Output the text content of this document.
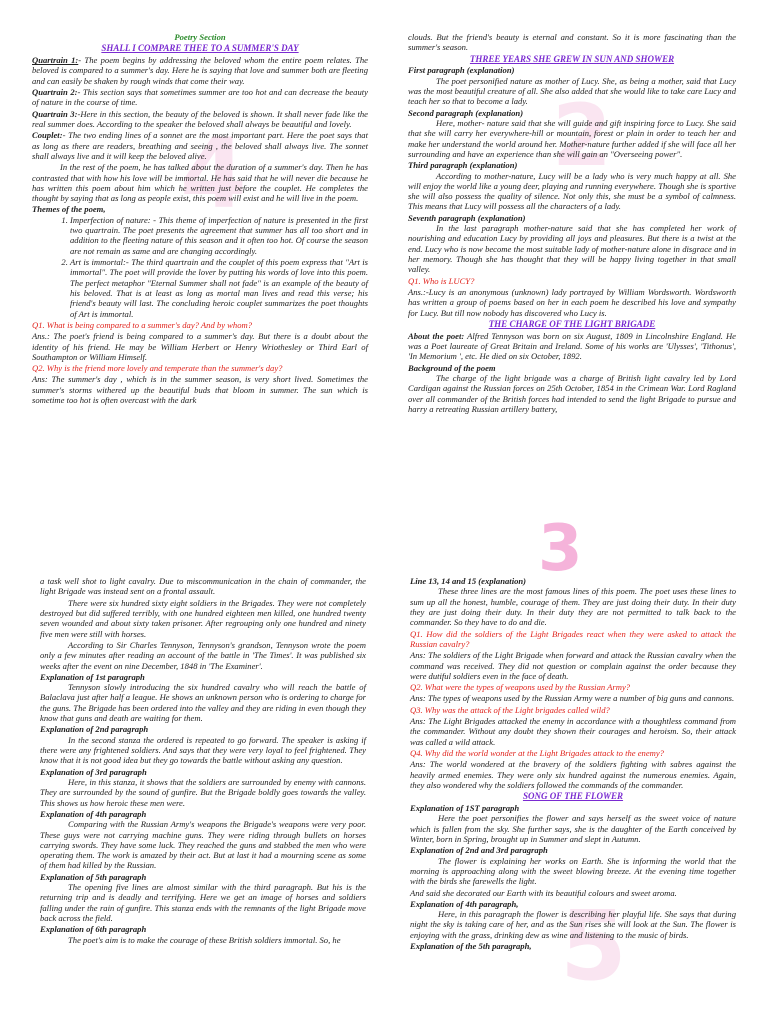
2
4
5
Poetry Section
SHALL I COMPARE THEE TO A SUMMER'S DAY

Quartrain 1:- The poem begins by addressing the beloved whom the entire poem relates. The beloved is compared to a summer's day. Here he is saying that love and summer both are fleeting and can easily be shaken by rough winds that come their way.

Quartrain 2:- This section says that sometimes summer are too hot and can decrease the beauty of nature in the course of time.

Quartrain 3:-Here in this section, the beauty of the beloved is shown. It shall never fade like the real summer does. According to the speaker the beloved shall always be beautiful and lovely.

Couplet:- The two ending lines of a sonnet are the most important part. Here the poet says that as long as there are readers, breathing and seeing , the beloved shall always live. The sonnet shall always live and it will keep the beloved alive.

In the rest of the poem, he has talked about the duration of a summer's day. Then he has contrasted that with how his love will be immortal. He has said that he will never die because he has written this poem about him which he written just before the couplet. He completes the thought by saying that as long as people exist, this poem will exist and he will live in the poem.

Themes of the poem,
1. Imperfection of nature: - This theme of imperfection of nature is presented in the first two quartrain. The poet presents the agreement that summer has all too short and in addition to the fleeting nature of this season and it often too hot. Of course the season are not remain as same and are changing accordingly.
2. Art is immortal:- The third quartrain and the couplet of this poem express that "Art is immortal". The poet will provide the lover by putting his words of love into this poem. The perfect metaphor "Eternal Summer shall not fade" is an example of the beauty of his beloved. That is at least as long as mortal man lives and read this verse; his friend's beauty will last. The concluding heroic couplet summarizes the poet thoughts of Art is immortal.

Q1. What is being compared to a summer's day? And by whom?

Ans.: The poet's friend is being compared to a summer's day. But there is a doubt about the identity of his friend. He may be William Herbert or Henry Wriothesley or Third Earl of Southampton or William Himself.

Q2. Why is the friend more lovely and temperate than the summer's day?

Ans: The summer's day , which is in the summer season, is very short lived. Sometimes the summer's storms withered up the beautiful buds that bloom in summer. The sun which is sometime too hot is often overcast with the dark

clouds. But the friend's beauty is eternal and constant. So it is more fascinating than the summer's season.

THREE YEARS SHE GREW IN SUN AND SHOWER
First paragraph (explanation)

The poet personified nature as mother of Lucy. She, as being a mother, said that Lucy was the most beautiful creature of all. She also added that she would like to take care Lucy and teach her so that to become a lady.

Second paragraph (explanation)

Here, mother- nature said that she will guide and gift inspiring force to Lucy. She said that she will carry her everywhere-hill or mountain, forest or plain in order to teach her and make her understand the world around her. Mother-nature further added if she will face all her surrounding and have an experience than she will gain an "Overseeing power".

Third paragraph (explanation)

According to mother-nature, Lucy will be a lady who is very much happy at all. She will enjoy the world like a young deer, playing and running everywhere. Though she is sportive she will also possess the quality of silence. Not only this, she must be a symbol of calmness. This means that Lucy will possess all the characters of a lady.

Seventh paragraph (explanation)

In the last paragraph mother-nature said that she has completed her work of nourishing and education Lucy by providing all joys and pleasures. But there is a twist at the end. Lucy who is now become the most suitable lady of mother-nature alone in disgrace and in her memory. Though she has thought that they will be happy living together in that small valley.

Q1. Who is LUCY?

Ans.:-Lucy is an anonymous (unknown) lady portrayed by William Wordsworth. Wordsworth has written a group of poems based on her in each poem he described his love and sympathy for Lucy. But till now nobody has discovered who Lucy is.

THE CHARGE OF THE LIGHT BRIGADE

About the poet: Alfred Tennyson was born on six August, 1809 in Lincolnshire England. He was a Poet laureate of Great Britain and Ireland. Some of his works are 'Ulysses', 'Tithonus', 'In Memorium ', etc. He died on six October, 1892.

Background of the poem

The charge of the light brigade was a charge of British light cavalry led by Lord Cardigan against the Russian forces on 25th October, 1854 in the Crimean War. Lord Ragland over all commander of the British forces had intended to send the light Brigade to pursue and harry a retreating Russian artillery battery,

3

a task well shot to light cavalry. Due to miscommunication in the chain of commander, the light Brigade was instead sent on a frontal assault.

There were six hundred sixty eight soldiers in the Brigades. They were not completely destroyed but did suffered terribly, with one hundred eighteen men killed, one hundred twenty seven wounded and about sixty taken prisoner. After regrouping only one hundred and ninety five men were still with horses.

According to Sir Charles Tennyson, Tennyson's grandson, Tennyson wrote the poem only a few minutes after reading an account of the battle in 'The Times'. It was published six weeks after the event on nine December, 1848 in 'The Examiner'.

Explanation of 1st paragraph

Tennyson slowly introducing the six hundred cavalry who will reach the battle of Balaclava just after half a league. He shows an unknown person who is ordering to charge for the guns. The Brigade has been ordered into the valley and they are riding in even though they know that guns and death are waiting for them.

Explanation of 2nd paragraph

In the second stanza the ordered is repeated to go forward. The speaker is asking if there were any frightened soldiers. And says that they were very loyal to feel frightened. They know that it is not good idea but they go towards the battle without asking any question.

Explanation of 3rd paragraph

Here, in this stanza, it shows that the soldiers are surrounded by enemy with cannons. They are surrounded by the sound of gunfire. But the Brigade boldly goes towards the valley. This shows us how heroic these men were.

Explanation of 4th paragraph

Comparing with the Russian Army's weapons the Brigade's weapons were very poor. These guys were not carrying machine guns. They were riding through bullets on horses carrying swords. They have some luck. They reached the guns and stabbed the men who were operating them. The work is amazed by their act. But at last it had a mourning scene as some of them had killed by the Russian.

Explanation of 5th paragraph

The opening five lines are almost similar with the third paragraph. But his is the returning trip and is deadly and terrifying. Here we get an image of horses and soldiers falling under the rain of gunfire. This stanza ends with the remnants of the light Brigade move back across the field.

Explanation of 6th paragraph

The poet's aim is to make the courage of these British soldiers immortal. So, he

Line 13, 14 and 15 (explanation)

These three lines are the most famous lines of this poem. The poet uses these lines to sum up all the honest, humble, courage of them. They are just doing their duty. In their duty they are just doing their duty. In their duty they are not permitted to talk back to the commander. So they have to do and die.

Q1. How did the soldiers of the Light Brigades react when they were asked to attack the Russian cavalry?

Ans: The soldiers of the Light Brigade when forward and attack the Russian cavalry when the command was received. They did not question or complain against the order because they were dutiful soldiers even in the face of death.

Q2. What were the types of weapons used by the Russian Army?

Ans: The types of weapons used by the Russian Army were a number of big guns and cannons.

Q3. Why was the attack of the Light brigades called wild?

Ans: The Light Brigades attacked the enemy in accordance with a thoughtless command from the commander. Without any doubt they shown their courages and heroism. So, their attack was called a wild attack.

Q4. Why did the world wonder at the Light Brigades attack to the enemy?

Ans: The world wondered at the bravery of the soldiers fighting with sabres against the heavily armed enemies. They were only six hundred against the numerous enemies. Again, they also wondered why the soldiers followed the commands of the commander.

SONG OF THE FLOWER
Explanation of 1ST paragraph

Here the poet personifies the flower and says herself as the sweet voice of nature which is fallen from the sky. She further says, she is the daughter of the Earth conceived by Winter, born in Spring, brought up in Summer and slept in Autumn.

Explanation of 2nd and 3rd paragraph

The flower is explaining her works on Earth. She is informing the world that the morning is approaching along with the sweet blowing breeze. At the evening time together with the birds she farewells the light.

And said she decorated our Earth with its beautiful colours and sweet aroma.

Explanation of 4th paragraph,

Here, in this paragraph the flower is describing her playful life. She says that during night the sky is taking care of her, and as the Sun rises she will look at the Sun. The flower is enjoying with the grass, drinking dew as wine and listening to the music of birds.

Explanation of the 5th paragraph,
